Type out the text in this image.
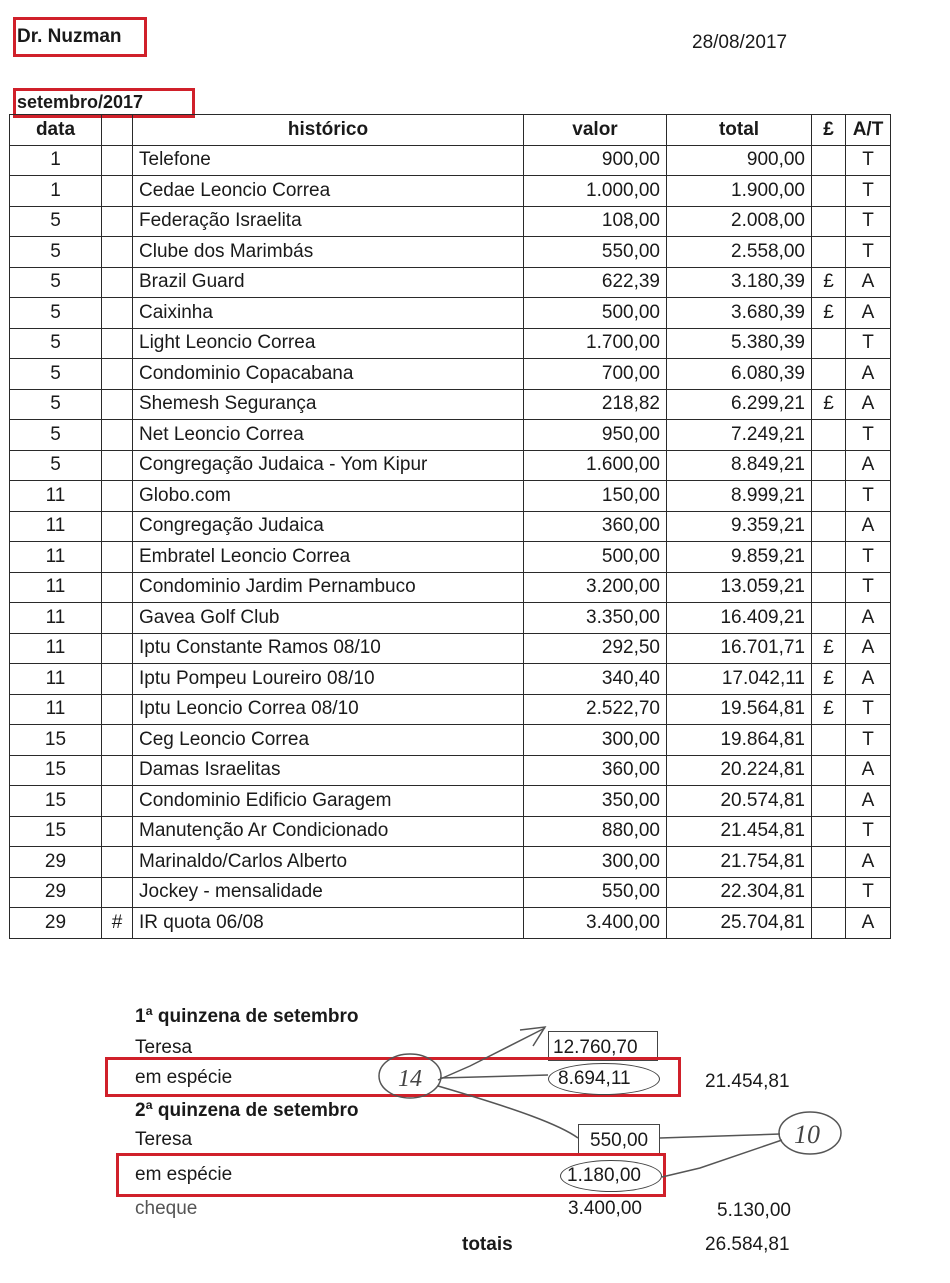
Dr. Nuzman	28/08/2017
setembro/2017
data		histórico	valor	total	£	A/T
1		Telefone	900,00	900,00		T
1		Cedae Leoncio Correa	1.000,00	1.900,00		T
5		Federação Israelita	108,00	2.008,00		T
5		Clube dos Marimbás	550,00	2.558,00		T
5		Brazil Guard	622,39	3.180,39	£	A
5		Caixinha	500,00	3.680,39	£	A
5		Light Leoncio Correa	1.700,00	5.380,39		T
5		Condominio Copacabana	700,00	6.080,39		A
5		Shemesh Segurança	218,82	6.299,21	£	A
5		Net Leoncio Correa	950,00	7.249,21		T
5		Congregação Judaica - Yom Kipur	1.600,00	8.849,21		A
11		Globo.com	150,00	8.999,21		T
11		Congregação Judaica	360,00	9.359,21		A
11		Embratel Leoncio Correa	500,00	9.859,21		T
11		Condominio Jardim Pernambuco	3.200,00	13.059,21		T
11		Gavea Golf Club	3.350,00	16.409,21		A
11		Iptu Constante Ramos 08/10	292,50	16.701,71	£	A
11		Iptu Pompeu Loureiro 08/10	340,40	17.042,11	£	A
11		Iptu Leoncio Correa 08/10	2.522,70	19.564,81	£	T
15		Ceg Leoncio Correa	300,00	19.864,81		T
15		Damas Israelitas	360,00	20.224,81		A
15		Condominio Edificio Garagem	350,00	20.574,81		A
15		Manutenção Ar Condicionado	880,00	21.454,81		T
29		Marinaldo/Carlos Alberto	300,00	21.754,81		A
29		Jockey - mensalidade	550,00	22.304,81		T
29	#	IR quota 06/08	3.400,00	25.704,81		A
1ª quinzena de setembro
Teresa	12.760,70
em espécie	8.694,11	21.454,81
2ª quinzena de setembro
Teresa	550,00
em espécie	1.180,00
cheque	3.400,00	5.130,00
totais	26.584,81
14
10
